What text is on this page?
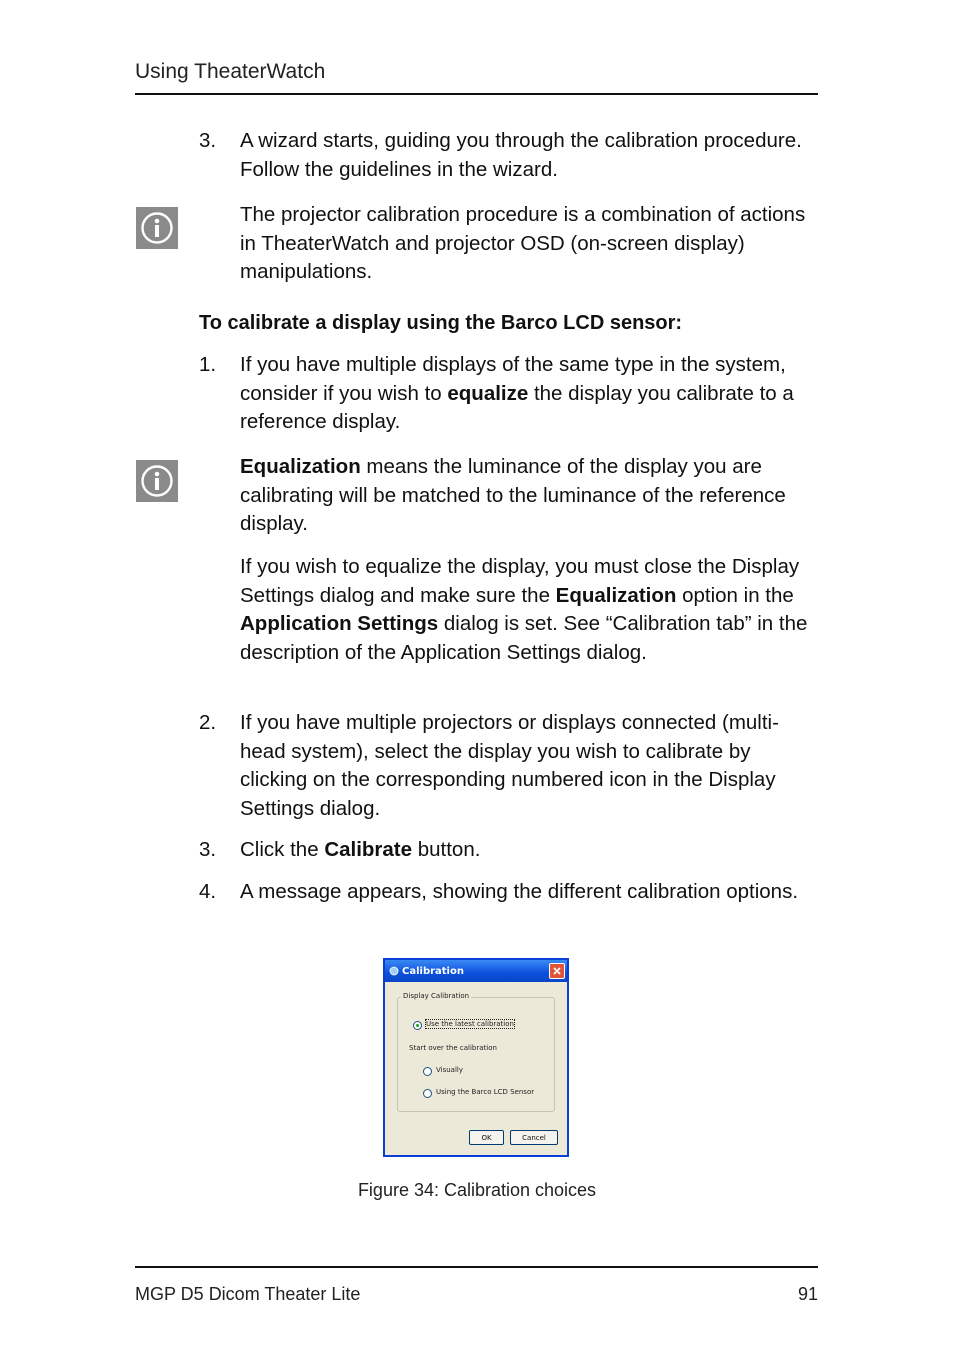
Using TheaterWatch
3. A wizard starts, guiding you through the calibration procedure. Follow the guidelines in the wizard.
The projector calibration procedure is a combination of actions in TheaterWatch and projector OSD (on-screen display) manipulations.
To calibrate a display using the Barco LCD sensor:
1. If you have multiple displays of the same type in the system, consider if you wish to equalize the display you calibrate to a reference display.
Equalization means the luminance of the display you are calibrating will be matched to the luminance of the reference display.
If you wish to equalize the display, you must close the Display Settings dialog and make sure the Equalization option in the Application Settings dialog is set. See “Calibration tab” in the description of the Application Settings dialog.
2. If you have multiple projectors or displays connected (multi-head system), select the display you wish to calibrate by clicking on the corresponding numbered icon in the Display Settings dialog.
3. Click the Calibrate button.
4. A message appears, showing the different calibration options.
Calibration
Display Calibration
Use the latest calibration
Start over the calibration
Visually
Using the Barco LCD Sensor
OK	Cancel
Figure 34: Calibration choices
MGP D5 Dicom Theater Lite	91
